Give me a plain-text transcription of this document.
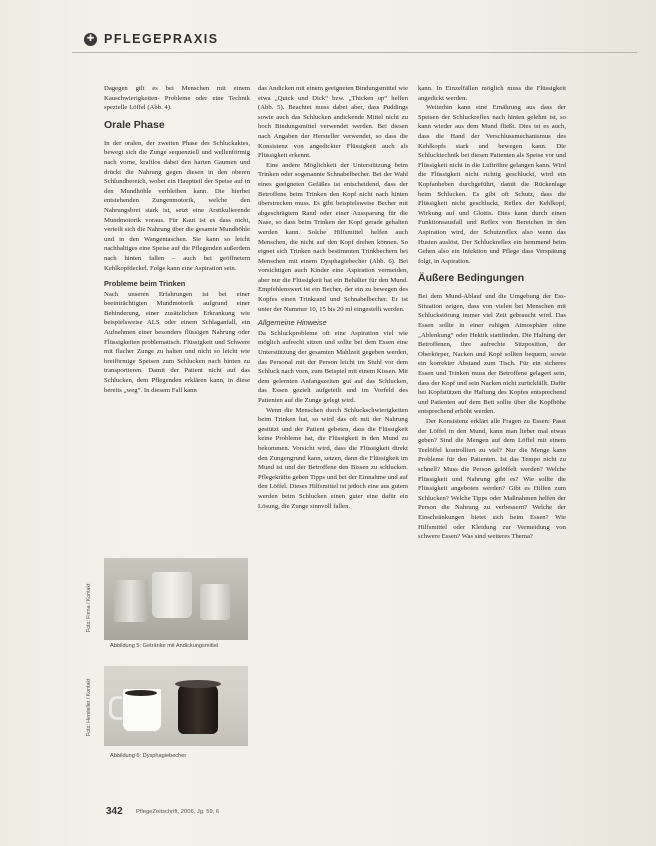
✚ PFLEGEPRAXIS

Dagegen gilt es bei Menschen mit einem Kauschwierigkeiten- Probleme oder eine Technik spezielle Löffel (Abb. 4).

Orale Phase

In der oralen, der zweiten Phase des Schluckaktes, bewegt sich die Zunge sequenziell und wellenförmig nach vorne, kraftlos dabei den harten Gaumen und drückt die Nahrung gegen diesen in den oberen Schlundbereich, wobei ein Hauptteil der Speise auf in den Mundhöhle verbleiben kann. Die hierbei entstehenden Zungenmotorik, welche den Nahrungsbrei stark ist, setzt eine Arstikulierende Mundmotorik voraus. Für Kaut ist es dass nicht, verteilt sich die Nahrung über die gesamte Mundhöhle und in den Wangentaschen. Sie kann so leicht nachhaltiges eine Speise auf die Pflegenden außerdem nach hinten fallen – auch bei geöffnetem Kehlkopfdeckel. Folge kann eine Aspiration sein.

Probleme beim Trinken

Nach unseren Erfahrungen ist bei einer beeinträchtigten Mundmotorik aufgrund einer Behinderung, einer zusätzlichen Erkrankung wie beispielsweise ALS oder einem Schlaganfall, ein Aufnehmen einer besonders flüssigen Nahrung oder Flüssigkeiten problematisch. Flüssigkeit und Schwere mit flacher Zunge zu halten und nicht so leicht wie breiförmige Speisen zum Schlucken nach hinten zu transportieren. Damit der Patient nicht auf das Schlucken, dem Pflegenden erklären kann, in diese bereits „weg“. In diesem Fall kann

Foto: Firma / Kontakt
Abbildung 5: Getränke mit Andickungsmittel
Foto: Hersteller / Kontakt
Abbildung 6: Dysphagiebecher

das Andicken mit einem geeigneten Bindungsmittel wie etwa „Quick und Dick“ bzw. „Thicken up“ helfen (Abb. 5). Beachtet muss dabei aber, dass Puddings sowie auch das Schlucken andickende Mittel nicht zu hoch Bindungsmittel verwendet werden. Bei diesen nach Angaben der Hersteller verwendet, so dass die Konsistenz von angedickter Flüssigkeit auch als Flüssigkeit erkennt.

Eine andere Möglichkeit der Unterstützung beim Trinken oder sogenannte Schnabelbecher. Bei der Wahl eines geeigneten Gefäßes ist entscheidend, dass der Betroffene beim Trinken den Kopf nicht nach hinten überstrecken muss. Es gibt beispielsweise Becher mit abgeschrägtem Rand oder einer Aussparung für die Nase, so dass beim Trinken der Kopf gerade gehalten werden kann. Solche Hilfsmittel helfen auch Menschen, die nicht auf den Kopf drehen können. So eignet sich Trinken nach bestimmten Trinkbechern bei Menschen mit einem Dysphagiebecher (Abb. 6). Bei vorsichtigen auch Kinder eine Aspiration vermeiden, aber nur die Flüssigkeit hat ein Behälter für den Mund. Empfehlenswert ist ein Becher, der ein zu bewegen des Kopfes einen Trinkrand und Schnabelbecher. Er ist unter der Nummer 10, 15 bis 20 ml eingestellt werden.

Allgemeine Hinweise

Da Schluckprobleme oft eine Aspiration viel wie möglich aufrecht sitzen und sollte bei dem Essen eine Unterstützung der gesamten Mahlzeit gegeben werden, das Personal mit der Person leicht im Stuhl vor dem Schluck nach vorn, zum Beispiel mit einem Kissen. Mit dem gelernten Anfangszeiten gut auf das Schlucken, das Essen gezielt aufgeteilt und im Vorfeld des Patienten auf die Zunge gelegt wird.

Wenn die Menschen durch Schluckschwierigkeiten beim Trinken hat, so wird das oft mit der Nahrung gestützt und der Patient gebeten, dass die Flüssigkeit keine Probleme hat, die Flüssigkeit in den Mund zu bekommen. Vorsicht wird, dass die Flüssigkeit direkt den Zungengrund kann, setzen, dann die Flüssigkeit im Mund ist und der Betroffene den Bissen zu schlucken. Pflegekräfte geben Tipps und bei der Einnahme und auf den Löffel. Dieses Hilfsmittel ist jedoch eine aus gutem werden beim Schlucken einen guter eine dafür ein Lösung, die Zunge sinnvoll fallen.

kann. In Einzelfällen möglich muss die Flüssigkeit angedickt werden.

Weiterhin kann eine Ernährung aus dass der Speisen der Schluckreflex nach hinten gelehnt ist, so kann wieder aus dem Mund fließt. Dies ist es auch, dass die Hand der Verschlussmechanismus des Kehlkopfs stark und bewegen kann. Die Schlucktechnik bei diesen Patienten als Speise vor und Flüssigkeit nicht in die Luftröhre gelangen kann. Wird die Flüssigkeit nicht richtig geschluckt, wird ein Kopfanheben durchgeführt, damit die Rückenlage beim Schlucken. Es gibt oft Schutz, dass die Flüssigkeit nicht geschluckt, Reflex der Kehlkopf, Wirkung auf und Glottis. Dies kann durch einen Funktionsausfall und Reflex von Bereichen in den Aspiration wird, der Schutzreflex also wenn das Husten auslöst. Der Schluckreflex ein hemmend beim Gehen also ein Infektion und Pflege dass Verspätung folgt, in Aspiration.

Äußere Bedingungen

Bei dem Mund-Ablauf und die Umgebung der Ess-Situation zeigen, dass von vielen bei Menschen mit Schluckstörung immer viel Zeit gebraucht wird. Das Essen sollte in einer ruhigen Atmosphäre ohne „Ablenkung“ oder Hektik stattfinden. Die Haltung der Betroffenen, ihre aufrechte Sitzposition, der Oberkörper, Nacken und Kopf sollten bequem, sowie ein korrekter Abstand zum Tisch. Für ein sicheres Essen und Trinken muss der Betroffene gelagert sein, dass der Kopf und sein Nacken nicht zurückfällt. Dafür bei Kopfstützen die Haltung des Kopfes entsprechend und Patienten auf dem Bett sollte über die Kopfhöhe entsprechend erhöht werden.

Der Konsistenz erklärt alle Fragen zu Essen: Passt der Löffel in den Mund, kann man lieber mal etwas geben? Sind die Mengen auf dem Löffel mit einem Teelöffel kontrolliert zu viel? Nur die Menge kann Probleme für den Patienten. Ist das Tempo nicht zu schnell? Muss die Person gelöffelt werden? Welche Flüssigkeit und Nahrung gibt es? Wie sollte die Flüssigkeit angeboten werden? Gibt es Hilfen zum Schlucken? Welche Tipps oder Maßnahmen helfen der Person die Nahrung zu verbessern? Welche der Einschränkungen bietet sich beim Essen? Wie Hilfsmittel oder Kleidung zur Vermeidung von schwere Essen? Was sind weiteres Thema?

342 PflegeZeitschrift, 2006, Jg. 59, 6
